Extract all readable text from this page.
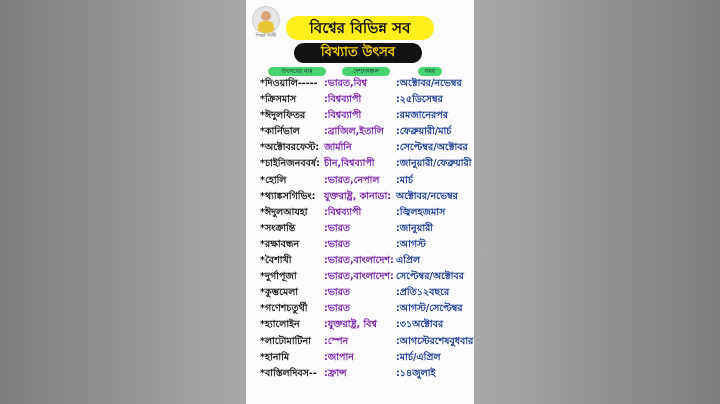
শিক্ষা সাথী	বিশ্বের বিভিন্ন সব
বিখ্যাত উৎসব
উৎসবের নাম	দেশ/অঞ্চল	সময়
*দিওয়ালি----- :ভারত,বিশ্ব	:অক্টোবর/নভেম্বর
*ক্রিসমাস	:বিশ্বব্যাপী	:২৫ডিসেম্বর
*ঈদুলফিতর :বিশ্বব্যাপী	:রমজানেরপর
*কার্নিভাল	:ব্রাজিল,ইতালি :ফেব্রুয়ারী/মার্চ
*অক্টোবরফেস্ট: জার্মানি	:সেপ্টেম্বর/অক্টোবর
*চাইনিজনববর্ষ: চীন,বিশ্বব্যাপী :জানুয়ারী/ফেব্রুয়ারী
*হোলি	:ভারত,নেপাল :মার্চ
*থ্যাঙ্কসগিভিং: যুক্তরাষ্ট্র, কানাডা: অক্টোবর/নভেম্বর
*ঈদুলআযহা :বিশ্বব্যাপী	:জ্বিলহজমাস
*সংক্রান্তি	:ভারত	:জানুয়ারী
*রক্ষাবন্ধন	:ভারত	:আগস্ট
*বৈশাখী	:ভারত,বাংলাদেশ: এপ্রিল
*দুর্গাপূজা	:ভারত,বাংলাদেশ: সেপ্টেম্বর/অক্টোবর
*কুম্ভমেলা	:ভারত	:প্রতি১২বছরে
*গণেশচতুর্থী :ভারত	:আগস্ট/সেপ্টেম্বর
*হ্যালোইন	:যুক্তরাষ্ট্র, বিশ্ব :৩১অক্টোবর
*লাটোমাটিনা :স্পেন	:আগস্টেরশেষবুধবার
*হানামি	:জাপান	:মার্চ/এপ্রিল
*বাস্তিলদিবস-- :ফ্রান্স	:১৪জুলাই
